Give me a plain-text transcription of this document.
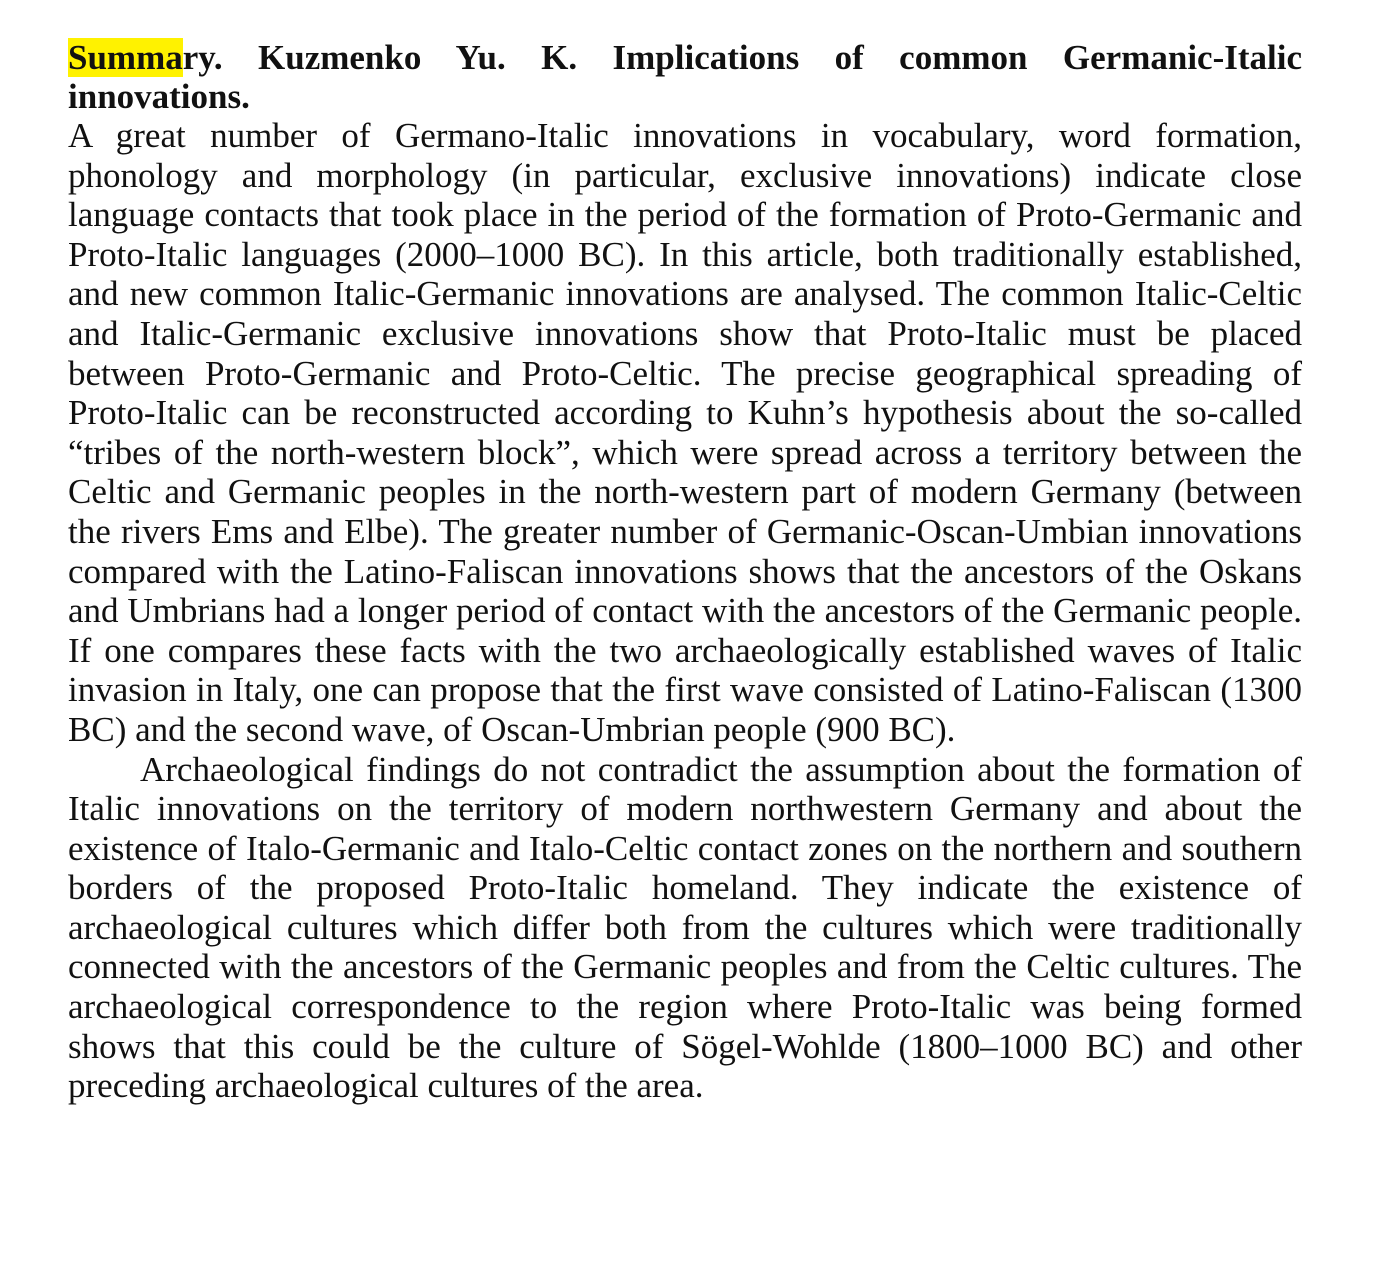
Summary. Kuzmenko Yu. K. Implications of common Germanic-Italic innovations.

A great number of Germano-Italic innovations in vocabulary, word formation, phonology and morphology (in particular, exclusive innovations) indicate close language contacts that took place in the period of the formation of Proto-Germanic and Proto-Italic languages (2000–1000 BC). In this article, both traditionally established, and new common Italic-Germanic innovations are analysed. The common Italic-Celtic and Italic-Germanic exclusive innovations show that Proto-Italic must be placed between Proto-Germanic and Proto-Celtic. The precise geographical spreading of Proto-Italic can be reconstructed according to Kuhn’s hypothesis about the so-called “tribes of the north-western block”, which were spread across a territory between the Celtic and Germanic peoples in the north-western part of modern Germany (between the rivers Ems and Elbe). The greater number of Germanic-Oscan-Umbian innovations compared with the Latino-Faliscan innovations shows that the ancestors of the Oskans and Umbrians had a longer period of contact with the ancestors of the Germanic people. If one compares these facts with the two archaeologically established waves of Italic invasion in Italy, one can propose that the first wave consisted of Latino-Faliscan (1300 BC) and the second wave, of Oscan-Umbrian people (900 BC).

Archaeological findings do not contradict the assumption about the formation of Italic innovations on the territory of modern northwestern Germany and about the existence of Italo-Germanic and Italo-Celtic contact zones on the northern and southern borders of the proposed Proto-Italic homeland. They indicate the existence of archaeological cultures which differ both from the cultures which were traditionally connected with the ancestors of the Germanic peoples and from the Celtic cultures. The archaeological correspondence to the region where Proto-Italic was being formed shows that this could be the culture of Sögel-Wohlde (1800–1000 BC) and other preceding archaeological cultures of the area.
